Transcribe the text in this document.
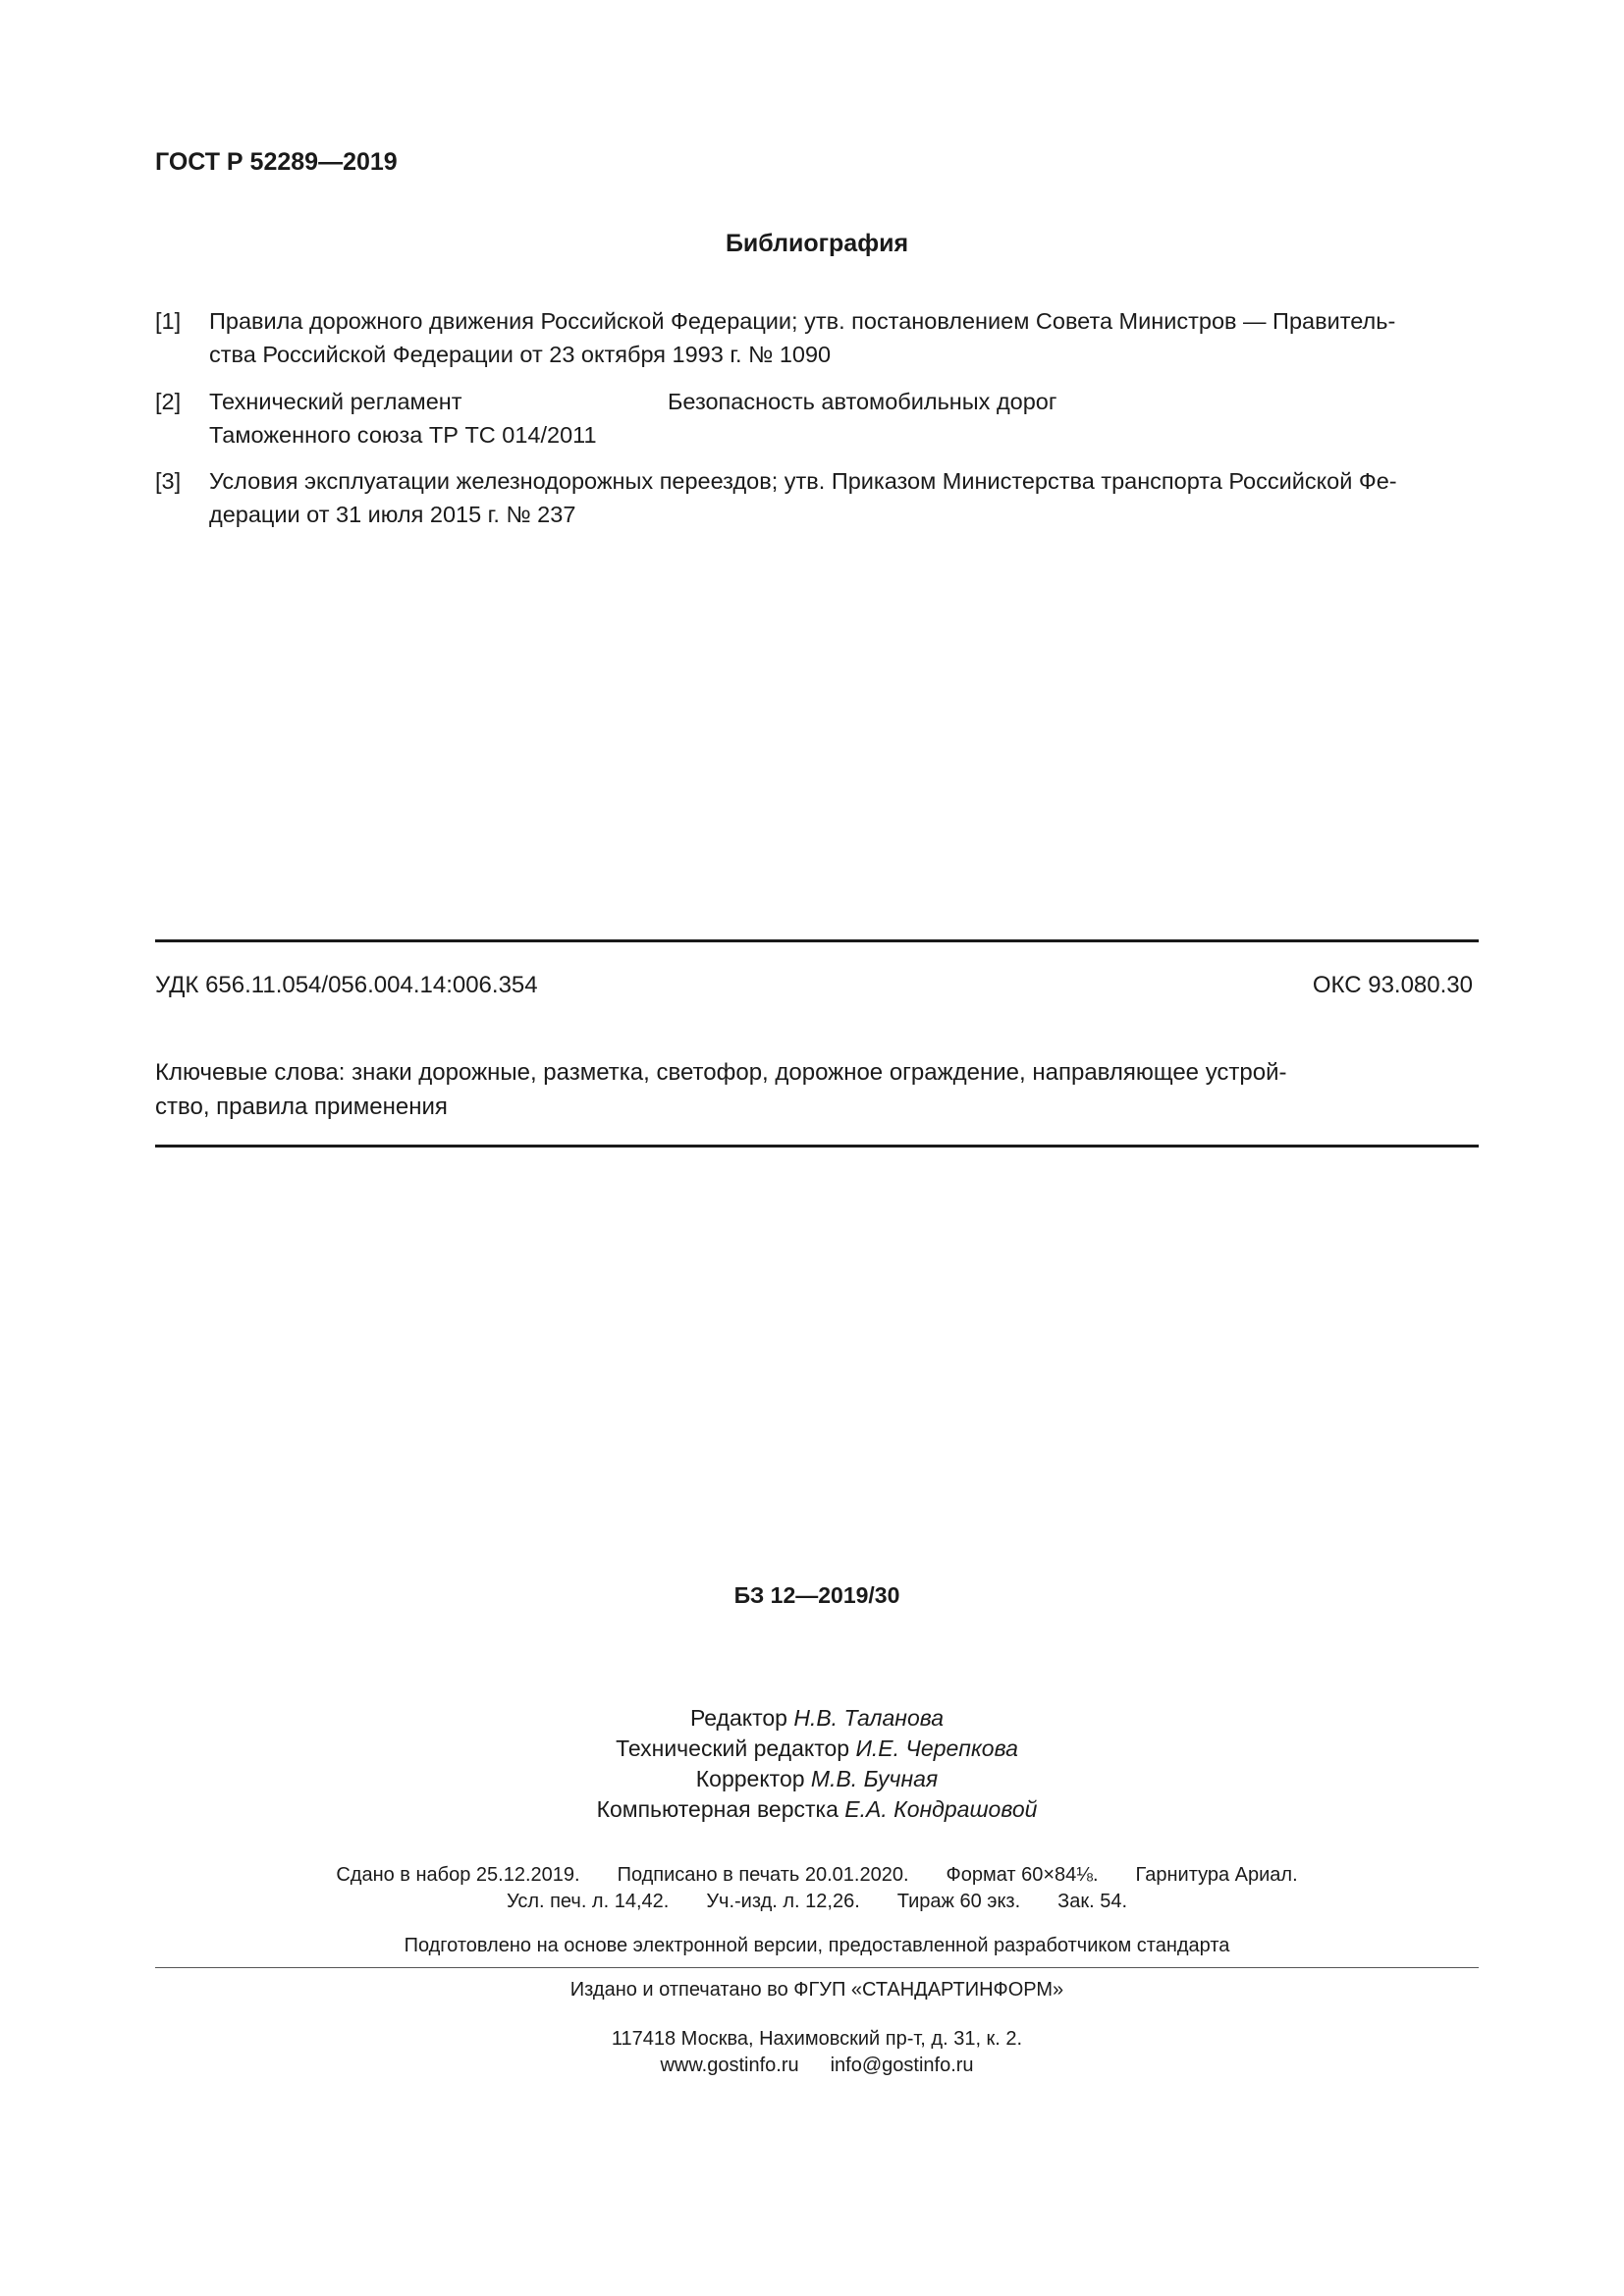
ГОСТ Р 52289—2019
Библиография
[1]	Правила дорожного движения Российской Федерации; утв. постановлением Совета Министров — Правитель-
ства Российской Федерации от 23 октября 1993 г. № 1090
[2]	Технический регламент
Таможенного союза ТР ТС 014/2011
Безопасность автомобильных дорог
[3]	Условия эксплуатации железнодорожных переездов; утв. Приказом Министерства транспорта Российской Фе-
дерации от 31 июля 2015 г. № 237
УДК 656.11.054/056.004.14:006.354	ОКС 93.080.30
Ключевые слова: знаки дорожные, разметка, светофор, дорожное ограждение, направляющее устрой-
ство, правила применения
БЗ 12—2019/30
Редактор Н.В. Таланова
Технический редактор И.Е. Черепкова
Корректор М.В. Бучная
Компьютерная верстка Е.А. Кондрашовой
Сдано в набор 25.12.2019. Подписано в печать 20.01.2020. Формат 60×84⅛. Гарнитура Ариал.
Усл. печ. л. 14,42. Уч.-изд. л. 12,26. Тираж 60 экз. Зак. 54.
Подготовлено на основе электронной версии, предоставленной разработчиком стандарта
Издано и отпечатано во ФГУП «СТАНДАРТИНФОРМ»
117418 Москва, Нахимовский пр-т, д. 31, к. 2.
www.gostinfo.ru info@gostinfo.ru
